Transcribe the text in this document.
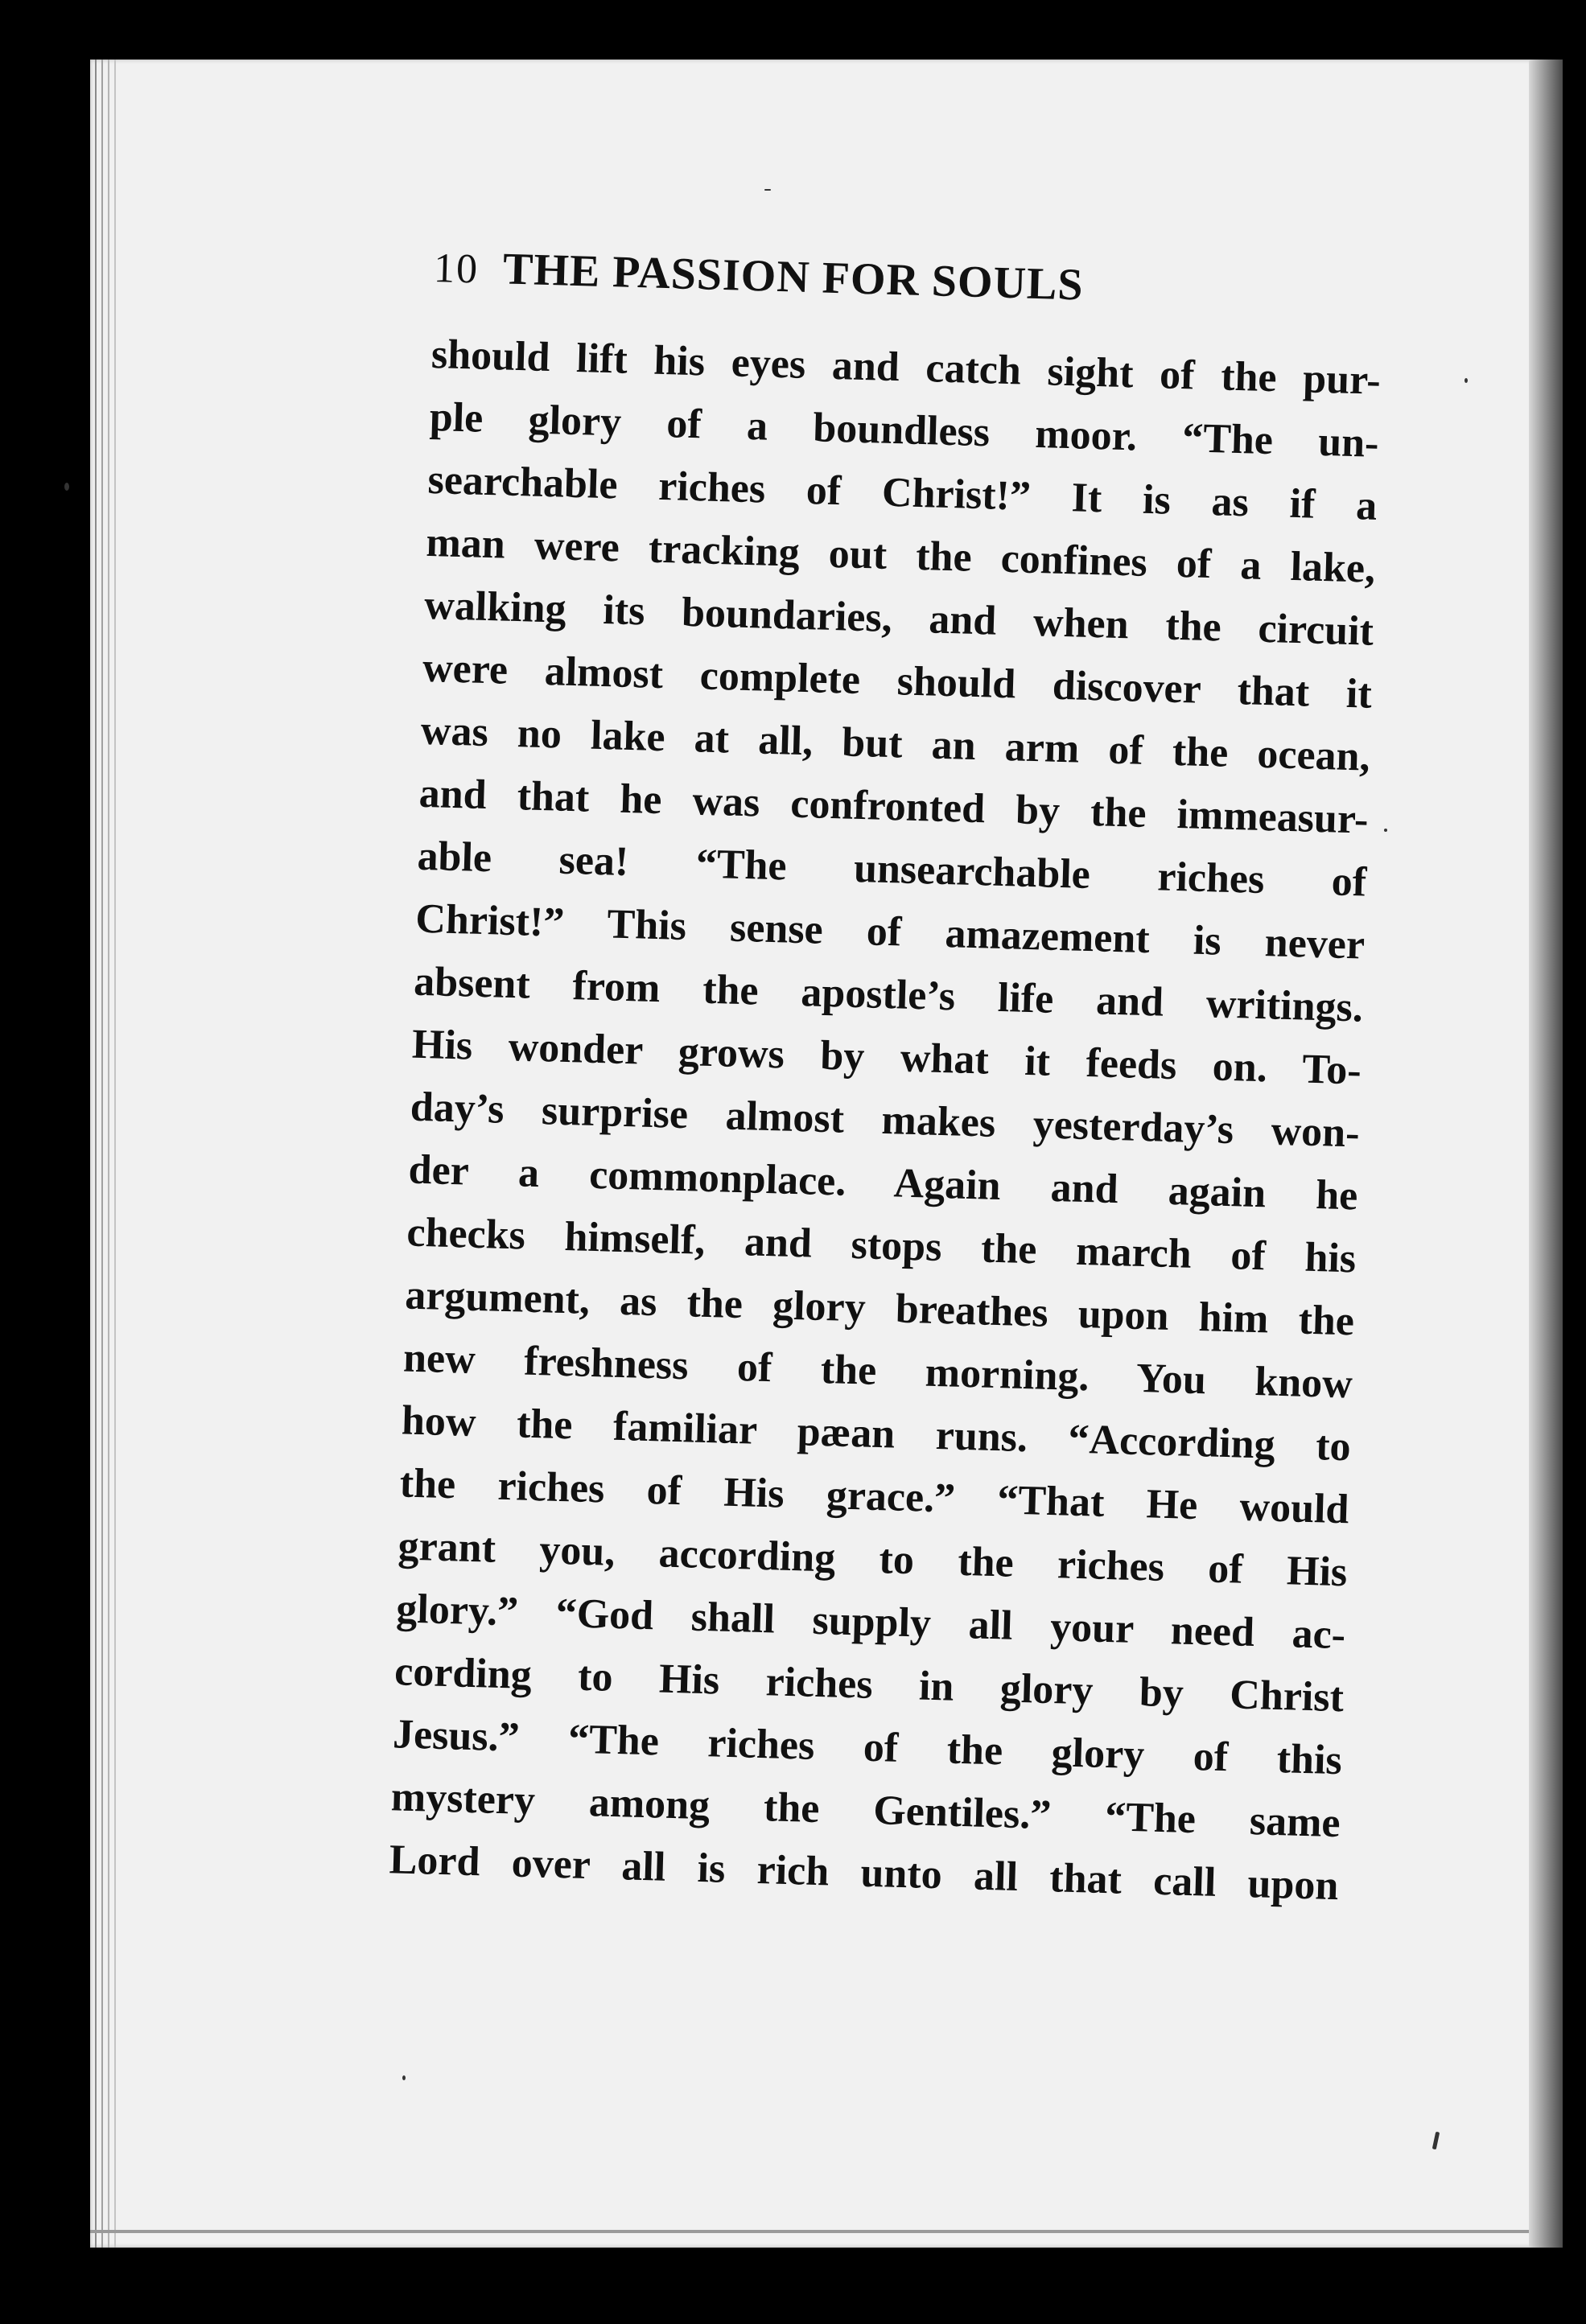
10 THE PASSION FOR SOULS
should lift his eyes and catch sight of the pur-
ple glory of a boundless moor. “The un-
searchable riches of Christ!” It is as if a
man were tracking out the confines of a lake,
walking its boundaries, and when the circuit
were almost complete should discover that it
was no lake at all, but an arm of the ocean,
and that he was confronted by the immeasur-
able sea! “The unsearchable riches of
Christ!” This sense of amazement is never
absent from the apostle’s life and writings.
His wonder grows by what it feeds on. To-
day’s surprise almost makes yesterday’s won-
der a commonplace. Again and again he
checks himself, and stops the march of his
argument, as the glory breathes upon him the
new freshness of the morning. You know
how the familiar pæan runs. “According to
the riches of His grace.” “That He would
grant you, according to the riches of His
glory.” “God shall supply all your need ac-
cording to His riches in glory by Christ
Jesus.” “The riches of the glory of this
mystery among the Gentiles.” “The same
Lord over all is rich unto all that call upon
